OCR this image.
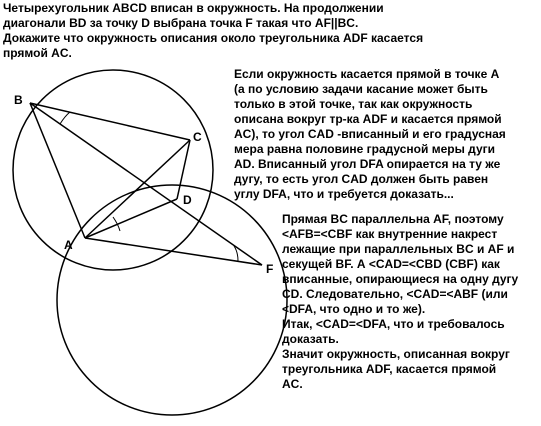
Четырехугольник ABCD вписан в окружность. На продолжении
диагонали BD за точку D выбрана точка F такая что AF||BC.
Докажите что окружность описания около треугольника ADF касается
прямой AC.
Если окружность касается прямой в точке A
(а по условию задачи касание может быть
только в этой точке, так как окружность
описана вокруг тр-ка ADF и касается прямой
AC), то угол CAD -вписанный и его градусная
мера равна половине градусной меры дуги
AD. Вписанный угол DFA опирается на ту же
дугу, то есть угол CAD должен быть равен
углу DFA, что и требуется доказать...
Прямая BC параллельна AF, поэтому
<AFB=<CBF как внутренние накрест
лежащие при параллельных BC и AF и
секущей BF. А <CAD=<CBD (CBF) как
вписанные, опирающиеся на одну дугу
CD. Следовательно, <CAD=<ABF (или
<DFA, что одно и то же).
Итак, <CAD=<DFA, что и требовалось
доказать.
Значит окружность, описанная вокруг
треугольника ADF, касается прямой
AC.
B
C
D
A
F
